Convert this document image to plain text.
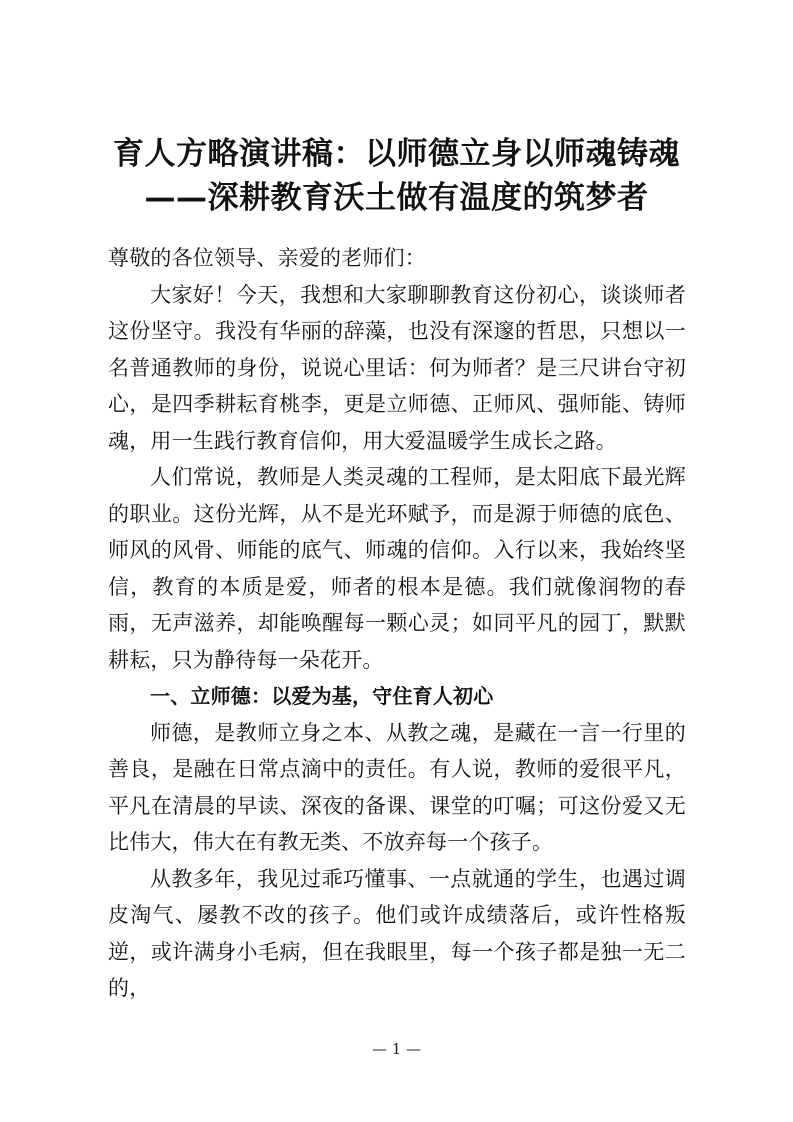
育人方略演讲稿：以师德立身以师魂铸魂
——深耕教育沃土做有温度的筑梦者

尊敬的各位领导、亲爱的老师们：

大家好！今天，我想和大家聊聊教育这份初心，谈谈师者这份坚守。我没有华丽的辞藻，也没有深邃的哲思，只想以一名普通教师的身份，说说心里话：何为师者？是三尺讲台守初心，是四季耕耘育桃李，更是立师德、正师风、强师能、铸师魂，用一生践行教育信仰，用大爱温暖学生成长之路。

人们常说，教师是人类灵魂的工程师，是太阳底下最光辉的职业。这份光辉，从不是光环赋予，而是源于师德的底色、师风的风骨、师能的底气、师魂的信仰。入行以来，我始终坚信，教育的本质是爱，师者的根本是德。我们就像润物的春雨，无声滋养，却能唤醒每一颗心灵；如同平凡的园丁，默默耕耘，只为静待每一朵花开。

一、立师德：以爱为基，守住育人初心

师德，是教师立身之本、从教之魂，是藏在一言一行里的善良，是融在日常点滴中的责任。有人说，教师的爱很平凡，平凡在清晨的早读、深夜的备课、课堂的叮嘱；可这份爱又无比伟大，伟大在有教无类、不放弃每一个孩子。

从教多年，我见过乖巧懂事、一点就通的学生，也遇过调皮淘气、屡教不改的孩子。他们或许成绩落后，或许性格叛逆，或许满身小毛病，但在我眼里，每一个孩子都是独一无二的，

— 1 —
